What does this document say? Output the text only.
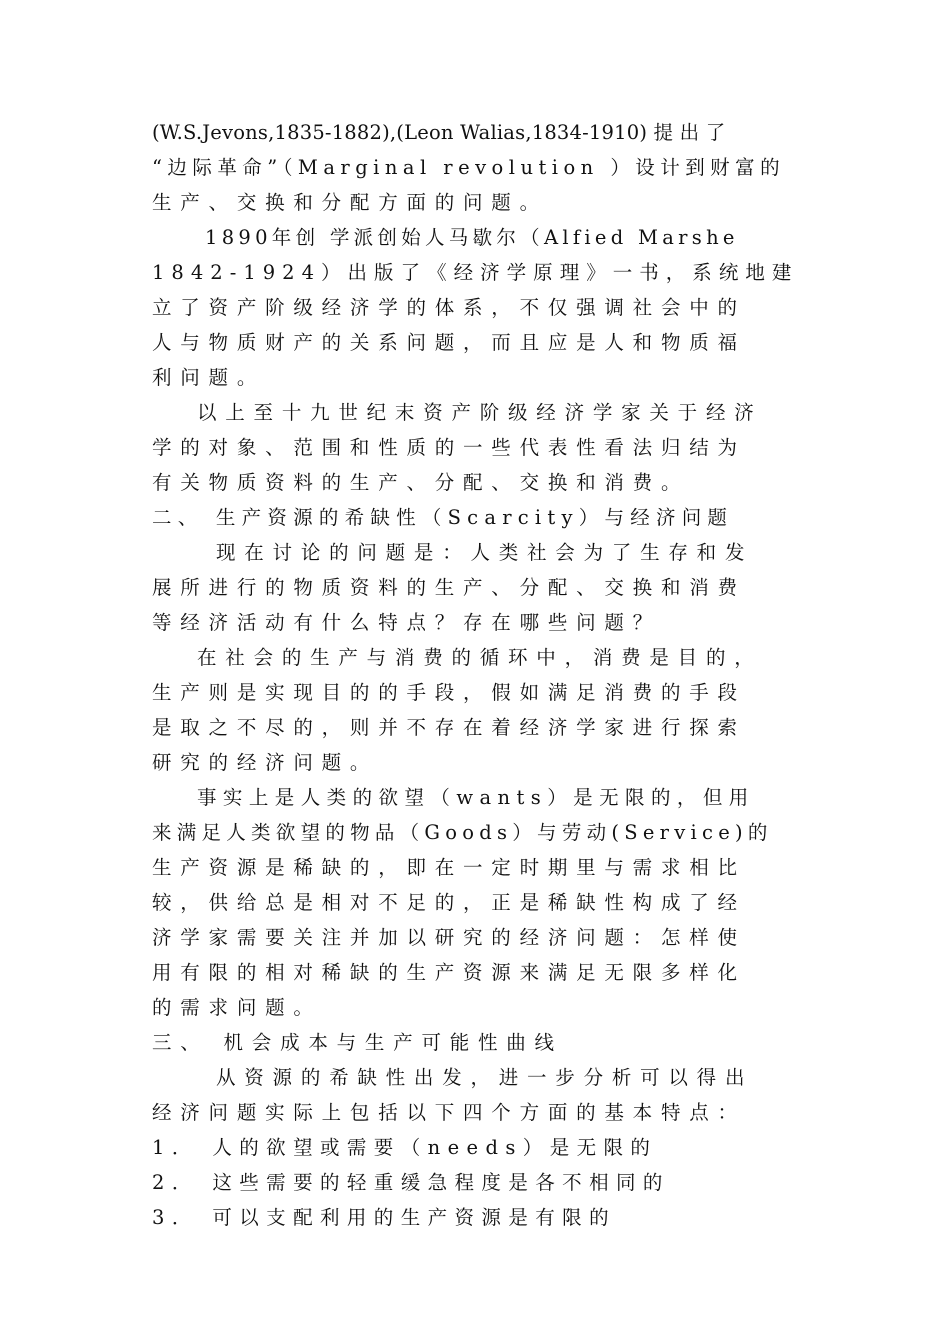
(W.S.Jevons,1835-1882),(Leon Walias,1834-1910) 提 出 了
“边际革命”（Marginal revolution ）设计到财富的
生产、交换和分配方面的问题。
1890年创 学派创始人马歇尔（Alfied Marshe
1842-1924）出版了《经济学原理》一书，系统地建
立了资产阶级经济学的体系，不仅强调社会中的
人与物质财产的关系问题，而且应是人和物质福
利问题。
以上至十九世纪末资产阶级经济学家关于经济
学的对象、范围和性质的一些代表性看法归结为
有关物质资料的生产、分配、交换和消费。
二、 生产资源的希缺性（Scarcity）与经济问题
现在讨论的问题是：人类社会为了生存和发
展所进行的物质资料的生产、分配、交换和消费
等经济活动有什么特点？存在哪些问题？
在社会的生产与消费的循环中，消费是目的，
生产则是实现目的的手段，假如满足消费的手段
是取之不尽的，则并不存在着经济学家进行探索
研究的经济问题。
事实上是人类的欲望（wants）是无限的，但用
来满足人类欲望的物品（Goods）与劳动(Service)的
生产资源是稀缺的，即在一定时期里与需求相比
较，供给总是相对不足的，正是稀缺性构成了经
济学家需要关注并加以研究的经济问题：怎样使
用有限的相对稀缺的生产资源来满足无限多样化
的需求问题。
三、 机会成本与生产可能性曲线
从资源的希缺性出发，进一步分析可以得出
经济问题实际上包括以下四个方面的基本特点：
1． 人的欲望或需要（needs）是无限的
2． 这些需要的轻重缓急程度是各不相同的
3． 可以支配利用的生产资源是有限的
